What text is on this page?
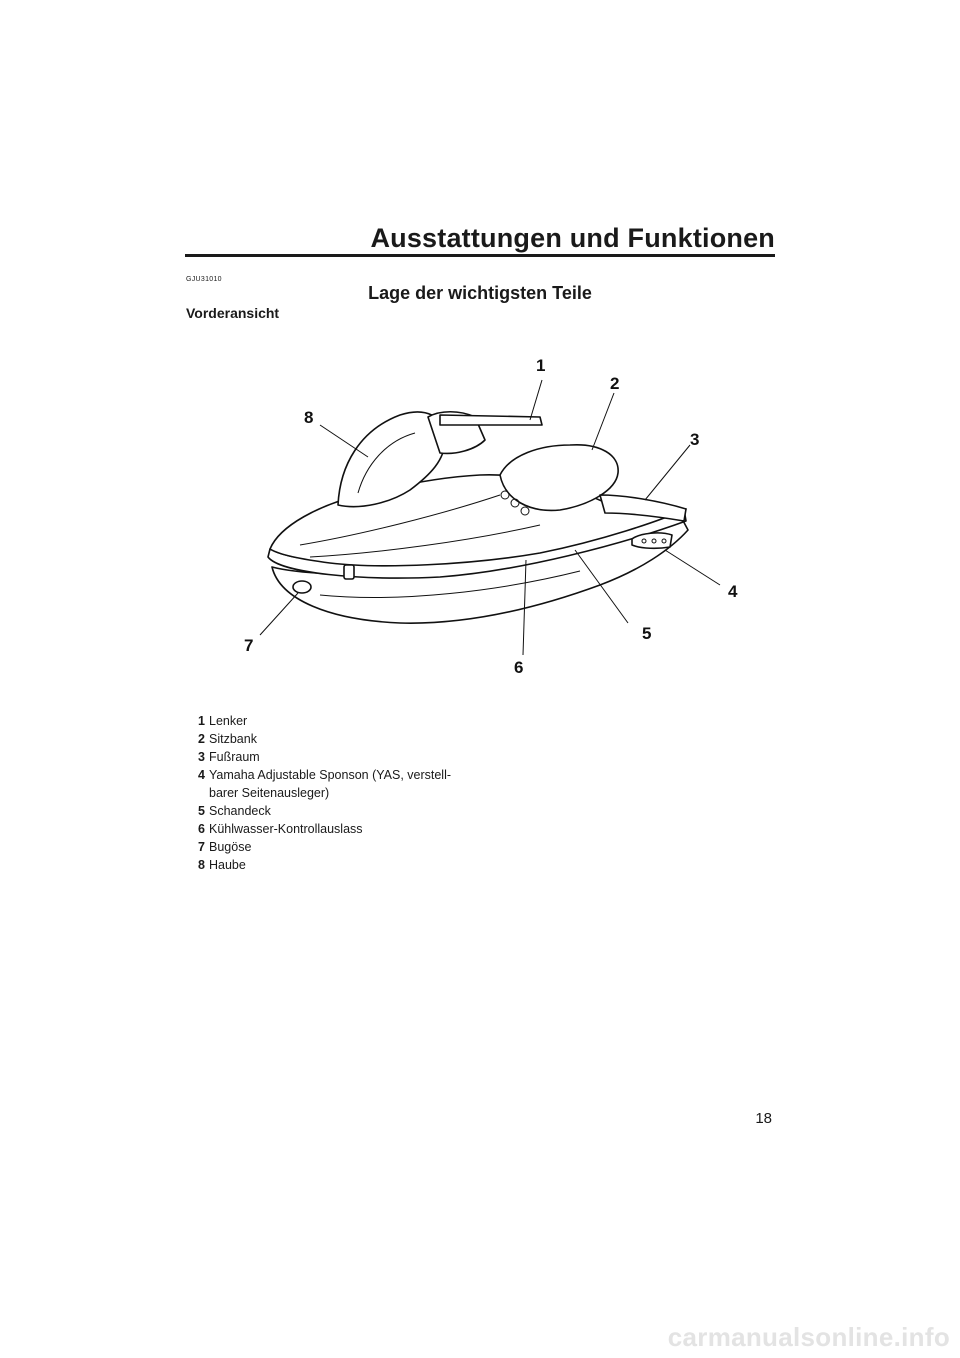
Ausstattungen und Funktionen
GJU31010
Lage der wichtigsten Teile
Vorderansicht
1
2
3
4
5
6
7
8
1 Lenker
2 Sitzbank
3 Fußraum
4 Yamaha Adjustable Sponson (YAS, verstell-
barer Seitenausleger)
5 Schandeck
6 Kühlwasser-Kontrollauslass
7 Bugöse
8 Haube
18
carmanualsonline.info
